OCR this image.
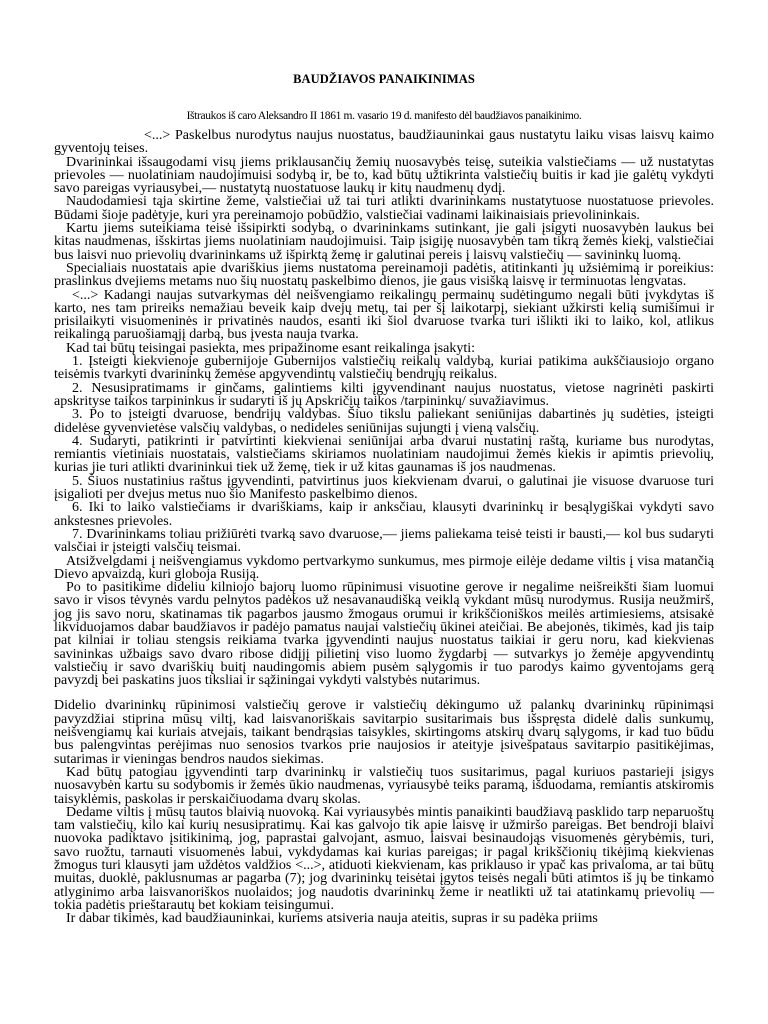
BAUDŽIAVOS PANAIKINIMAS
Ištraukos iš caro Aleksandro II 1861 m. vasario 19 d. manifesto dėl baudžiavos panaikinimo.

<...> Paskelbus nurodytus naujus nuostatus, baudžiauninkai gaus nustatytu laiku visas laisvų kaimo gyventojų teises.

Dvarininkai išsaugodami visų jiems priklausančių žemių nuosavybės teisę, suteikia valstiečiams — už nustatytas prievoles — nuolatiniam naudojimuisi sodybą ir, be to, kad būtų užtikrinta valstiečių buitis ir kad jie galėtų vykdyti savo pareigas vyriausybei,— nustatytą nuostatuose laukų ir kitų naudmenų dydį.

Naudodamiesi tąja skirtine žeme, valstiečiai už tai turi atlikti dvarininkams nustatytuose nuostatuose prievoles. Būdami šioje padėtyje, kuri yra pereinamojo pobūdžio, valstiečiai vadinami laikinaisiais prievolininkais.

Kartu jiems suteikiama teisė išsipirkti sodybą, o dvarininkams sutinkant, jie gali įsigyti nuosavybėn laukus bei kitas naudmenas, išskirtas jiems nuolatiniam naudojimuisi. Taip įsigiję nuosavybėn tam tikrą žemės kiekį, valstiečiai bus laisvi nuo prievolių dvarininkams už išpirktą žemę ir galutinai pereis į laisvų valstiečių — savininkų luomą.

Specialiais nuostatais apie dvariškius jiems nustatoma pereinamoji padėtis, atitinkanti jų užsiėmimą ir poreikius: praslinkus dvejiems metams nuo šių nuostatų paskelbimo dienos, jie gaus visišką laisvę ir terminuotas lengvatas.

<...> Kadangi naujas sutvarkymas dėl neišvengiamo reikalingų permainų sudėtingumo negali būti įvykdytas iš karto, nes tam prireiks nemažiau beveik kaip dvejų metų, tai per šį laikotarpį, siekiant užkirsti kelią sumišimui ir prisilaikyti visuomeninės ir privatinės naudos, esanti iki šiol dvaruose tvarka turi išlikti iki to laiko, kol, atlikus reikalingą paruošiamąjį darbą, bus įvesta nauja tvarka.

Kad tai būtų teisingai pasiekta, mes pripažinome esant reikalinga įsakyti:

1. Įsteigti kiekvienoje gubernijoje Gubernijos valstiečių reikalų valdybą, kuriai patikima aukščiausiojo organo teisėmis tvarkyti dvarininkų žemėse apgyvendintų valstiečių bendrųjų reikalus.

2. Nesusipratimams ir ginčams, galintiems kilti įgyvendinant naujus nuostatus, vietose nagrinėti paskirti apskrityse taikos tarpininkus ir sudaryti iš jų Apskričių taikos /tarpininkų/ suvažiavimus.

3. Po to įsteigti dvaruose, bendrijų valdybas. Šiuo tikslu paliekant seniūnijas dabartinės jų sudėties, įsteigti didelėse gyvenvietėse valsčių valdybas, o nedideles seniūnijas sujungti į vieną valsčių.

4. Sudaryti, patikrinti ir patvirtinti kiekvienai seniūnijai arba dvarui nustatinį raštą, kuriame bus nurodytas, remiantis vietiniais nuostatais, valstiečiams skiriamos nuolatiniam naudojimui žemės kiekis ir apimtis prievolių, kurias jie turi atlikti dvarininkui tiek už žemę, tiek ir už kitas gaunamas iš jos naudmenas.

5. Šiuos nustatinius raštus įgyvendinti, patvirtinus juos kiekvienam dvarui, o galutinai jie visuose dvaruose turi įsigalioti per dvejus metus nuo šio Manifesto paskelbimo dienos.

6. Iki to laiko valstiečiams ir dvariškiams, kaip ir anksčiau, klausyti dvarininkų ir besąlygiškai vykdyti savo ankstesnes prievoles.

7. Dvarininkams toliau prižiūrėti tvarką savo dvaruose,— jiems paliekama teisė teisti ir bausti,— kol bus sudaryti valsčiai ir įsteigti valsčių teismai.

Atsižvelgdami į neišvengiamus vykdomo pertvarkymo sunkumus, mes pirmoje eilėje dedame viltis į visa matančią Dievo apvaizdą, kuri globoja Rusiją.

Po to pasitikime dideliu kilniojo bajorų luomo rūpinimusi visuotine gerove ir negalime neišreikšti šiam luomui savo ir visos tėvynės vardu pelnytos padėkos už nesavanaudišką veiklą vykdant mūsų nurodymus. Rusija neužmirš, jog jis savo noru, skatinamas tik pagarbos jausmo žmogaus orumui ir krikščioniškos meilės artimiesiems, atsisakė likviduojamos dabar baudžiavos ir padėjo pamatus naujai valstiečių ūkinei ateičiai. Be abejonės, tikimės, kad jis taip pat kilniai ir toliau stengsis reikiama tvarka įgyvendinti naujus nuostatus taikiai ir geru noru, kad kiekvienas savininkas užbaigs savo dvaro ribose didįjį pilietinį viso luomo žygdarbį — sutvarkys jo žemėje apgyvendintų valstiečių ir savo dvariškių buitį naudingomis abiem pusėm sąlygomis ir tuo parodys kaimo gyventojams gerą pavyzdį bei paskatins juos tiksliai ir sąžiningai vykdyti valstybės nutarimus.

Didelio dvarininkų rūpinimosi valstiečių gerove ir valstiečių dėkingumo už palankų dvarininkų rūpinimąsi pavyzdžiai stiprina mūsų viltį, kad laisvanoriškais savitarpio susitarimais bus išspręsta didelė dalis sunkumų, neišvengiamų kai kuriais atvejais, taikant bendrąsias taisykles, skirtingoms atskirų dvarų sąlygoms, ir kad tuo būdu bus palengvintas perėjimas nuo senosios tvarkos prie naujosios ir ateityje įsivešpataus savitarpio pasitikėjimas, sutarimas ir vieningas bendros naudos siekimas.

Kad būtų patogiau įgyvendinti tarp dvarininkų ir valstiečių tuos susitarimus, pagal kuriuos pastarieji įsigys nuosavybėn kartu su sodybomis ir žemės ūkio naudmenas, vyriausybė teiks paramą, išduodama, remiantis atskiromis taisyklėmis, paskolas ir perskaičiuodama dvarų skolas.

Dedame viltis į mūsų tautos blaivią nuovoką. Kai vyriausybės mintis panaikinti baudžiavą pasklido tarp neparuoštų tam valstiečių, kilo kai kurių nesusipratimų. Kai kas galvojo tik apie laisvę ir užmiršo pareigas. Bet bendroji blaivi nuovoka padiktavo įsitikinimą, jog, paprastai galvojant, asmuo, laisvai besinaudojąs visuomenės gėrybėmis, turi, savo ruožtu, tarnauti visuomenės labui, vykdydamas kai kurias pareigas; ir pagal krikščionių tikėjimą kiekvienas žmogus turi klausyti jam uždėtos valdžios <...>, atiduoti kiekvienam, kas priklauso ir ypač kas privaloma, ar tai būtų muitas, duoklė, paklusnumas ar pagarba (7); jog dvarininkų teisėtai įgytos teisės negali būti atimtos iš jų be tinkamo atlyginimo arba laisvanoriškos nuolaidos; jog naudotis dvarininkų žeme ir neatlikti už tai atatinkamų prievolių — tokia padėtis prieštarautų bet kokiam teisingumui.

Ir dabar tikimės, kad baudžiauninkai, kuriems atsiveria nauja ateitis, supras ir su padėka priims
